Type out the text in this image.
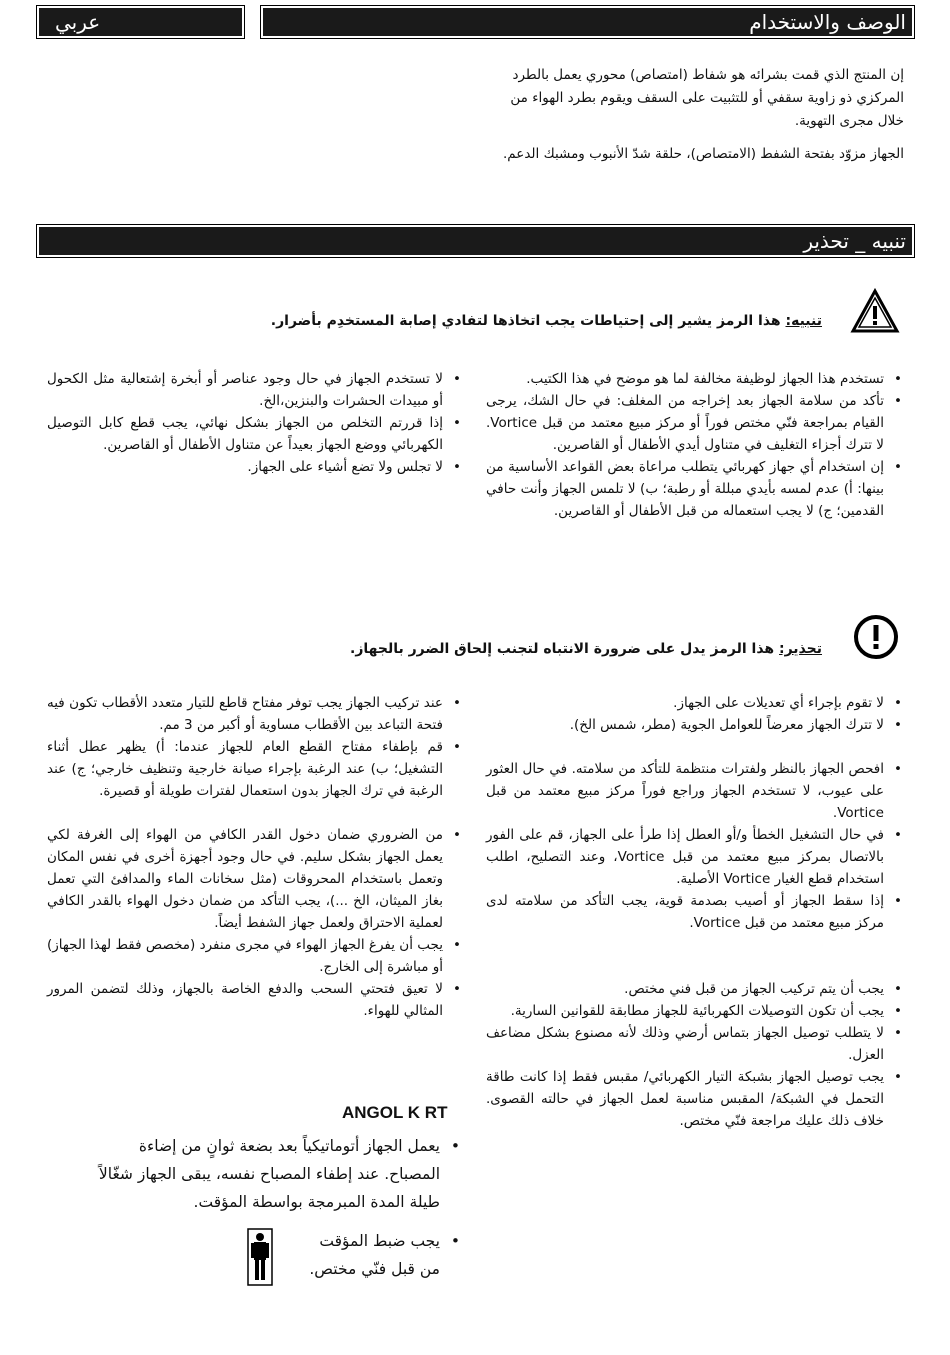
عربي	الوصف والاستخدام

إن المنتج الذي قمت بشرائه هو شفاط (امتصاص) محوري يعمل بالطرد المركزي ذو زاوية سقفي أو للتثبيت على السقف ويقوم بطرد الهواء من خلال مجرى التهوية.

الجهاز مزوّد بفتحة الشفط (الامتصاص)، حلقة شدّ الأنبوب ومشبك الدعم.

تنبيه _ تحذير
تنبيه: هذا الرمز يشير إلى إحتياطات يجب اتخاذها لتفادي إصابة المستخدِم بأضرار.
• تستخدم هذا الجهاز لوظيفة مخالفة لما هو موضح في هذا الكتيب.
• تأكد من سلامة الجهاز بعد إخراجه من المغلف: في حال الشك، يرجى القيام بمراجعة فنّي مختص فوراً أو مركز مبيع معتمد من قبل Vortice. لا تترك أجزاء التغليف في متناول أيدي الأطفال أو القاصرين.
• إن استخدام أي جهاز كهربائي يتطلب مراعاة بعض القواعد الأساسية من بينها: أ) عدم لمسه بأيدي مبللة أو رطبة؛ ب) لا تلمس الجهاز وأنت حافي القدمين؛ ج) لا يجب استعماله من قبل الأطفال أو القاصرين.
• لا تستخدم الجهاز في حال وجود عناصر أو أبخرة إشتعالية مثل الكحول أو مبيدات الحشرات والبنزين،الخ.
• إذا قررتم التخلص من الجهاز بشكل نهائي، يجب قطع كابل التوصيل الكهربائي ووضع الجهاز بعيداً عن متناول الأطفال أو القاصرين.
• لا تجلس ولا تضع أشياء على الجهاز.
تحذير: هذا الرمز يدل على ضرورة الانتباه لتجنب إلحاق الضرر بالجهاز.
• لا تقوم بإجراء أي تعديلات على الجهاز.
• لا تترك الجهاز معرضاً للعوامل الجوية (مطر، شمس الخ).
• افحص الجهاز بالنظر ولفترات منتظمة للتأكد من سلامته. في حال العثور على عيوب، لا تستخدم الجهاز وراجع فوراً مركز مبيع معتمد من قبل Vortice.
• في حال التشغيل الخطأ و/أو العطل إذا طرأ على الجهاز، قم على الفور بالاتصال بمركز مبيع معتمد من قبل Vortice، وعند التصليح، اطلب استخدام قطع الغيار Vortice الأصلية.
• إذا سقط الجهاز أو أصيب بصدمة قوية، يجب التأكد من سلامته لدى مركز مبيع معتمد من قبل Vortice.
• يجب أن يتم تركيب الجهاز من قبل فني مختص.
• يجب أن تكون التوصيلات الكهربائية للجهاز مطابقة للقوانين السارية.
• لا يتطلب توصيل الجهاز بتماس أرضي وذلك لأنه مصنوع بشكل مضاعف العزل.
• يجب توصيل الجهاز بشبكة التيار الكهربائي/ مقبس فقط إذا كانت طاقة التحمل في الشبكة/ المقبس مناسبة لعمل الجهاز في حالته القصوى. خلاف ذلك عليك مراجعة فنّي مختص.
• عند تركيب الجهاز يجب توفر مفتاح قاطع للتيار متعدد الأقطاب تكون فيه فتحة التباعد بين الأقطاب مساوية أو أكبر من 3 مم.
• قم بإطفاء مفتاح القطع العام للجهاز عندما: أ) يظهر عطل أثناء التشغيل؛ ب) عند الرغبة بإجراء صيانة خارجية وتنظيف خارجي؛ ج) عند الرغبة في ترك الجهاز بدون استعمال لفترات طويلة أو قصيرة.
• من الضروري ضمان دخول القدر الكافي من الهواء إلى الغرفة لكي يعمل الجهاز بشكل سليم. في حال وجود أجهزة أخرى في نفس المكان وتعمل باستخدام المحروقات (مثل سخانات الماء والمدافئ التي تعمل بغاز الميثان، الخ ...)، يجب التأكد من ضمان دخول الهواء بالقدر الكافي لعملية الاحتراق ولعمل جهاز الشفط أيضاً.
• يجب أن يفرغ الجهاز الهواء في مجرى منفرد (مخصص فقط لهذا الجهاز) أو مباشرة إلى الخارج.
• لا تعيق فتحتي السحب والدفع الخاصة بالجهاز، وذلك لتضمن المرور المثالي للهواء.
ANGOL K RT
• يعمل الجهاز أتوماتيكياً بعد بضعة ثوانٍ من إضاءة المصباح. عند إطفاء المصباح نفسه، يبقى الجهاز شغّالاً طيلة المدة المبرمجة بواسطة المؤقت.
• يجب ضبط المؤقت من قبل فنّي مختص.
